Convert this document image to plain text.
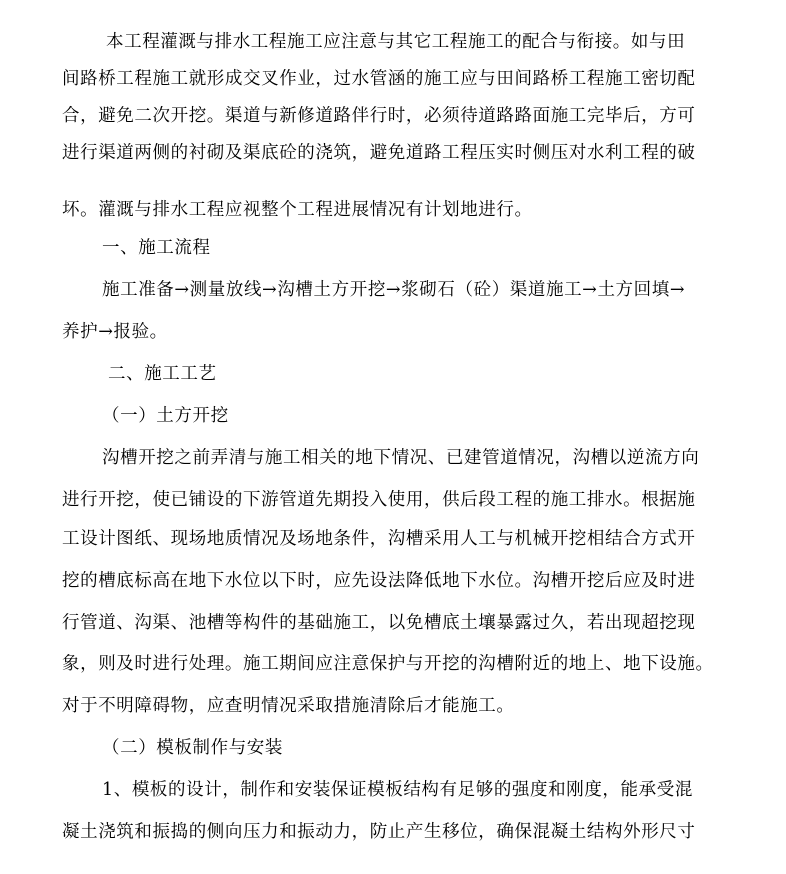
本工程灌溉与排水工程施工应注意与其它工程施工的配合与衔接。如与田
间路桥工程施工就形成交叉作业，过水管涵的施工应与田间路桥工程施工密切配
合，避免二次开挖。渠道与新修道路伴行时，必须待道路路面施工完毕后，方可
进行渠道两侧的衬砌及渠底砼的浇筑，避免道路工程压实时侧压对水利工程的破
坏。灌溉与排水工程应视整个工程进展情况有计划地进行。
一、施工流程
施工准备→测量放线→沟槽土方开挖→浆砌石（砼）渠道施工→土方回填→
养护→报验。
二、施工工艺
（一）土方开挖
沟槽开挖之前弄清与施工相关的地下情况、已建管道情况，沟槽以逆流方向
进行开挖，使已铺设的下游管道先期投入使用，供后段工程的施工排水。根据施
工设计图纸、现场地质情况及场地条件，沟槽采用人工与机械开挖相结合方式开
挖的槽底标高在地下水位以下时，应先设法降低地下水位。沟槽开挖后应及时进
行管道、沟渠、池槽等构件的基础施工，以免槽底土壤暴露过久，若出现超挖现
象，则及时进行处理。施工期间应注意保护与开挖的沟槽附近的地上、地下设施。
对于不明障碍物，应查明情况采取措施清除后才能施工。
（二）模板制作与安装
1、模板的设计，制作和安装保证模板结构有足够的强度和刚度，能承受混
凝土浇筑和振捣的侧向压力和振动力，防止产生移位，确保混凝土结构外形尺寸
